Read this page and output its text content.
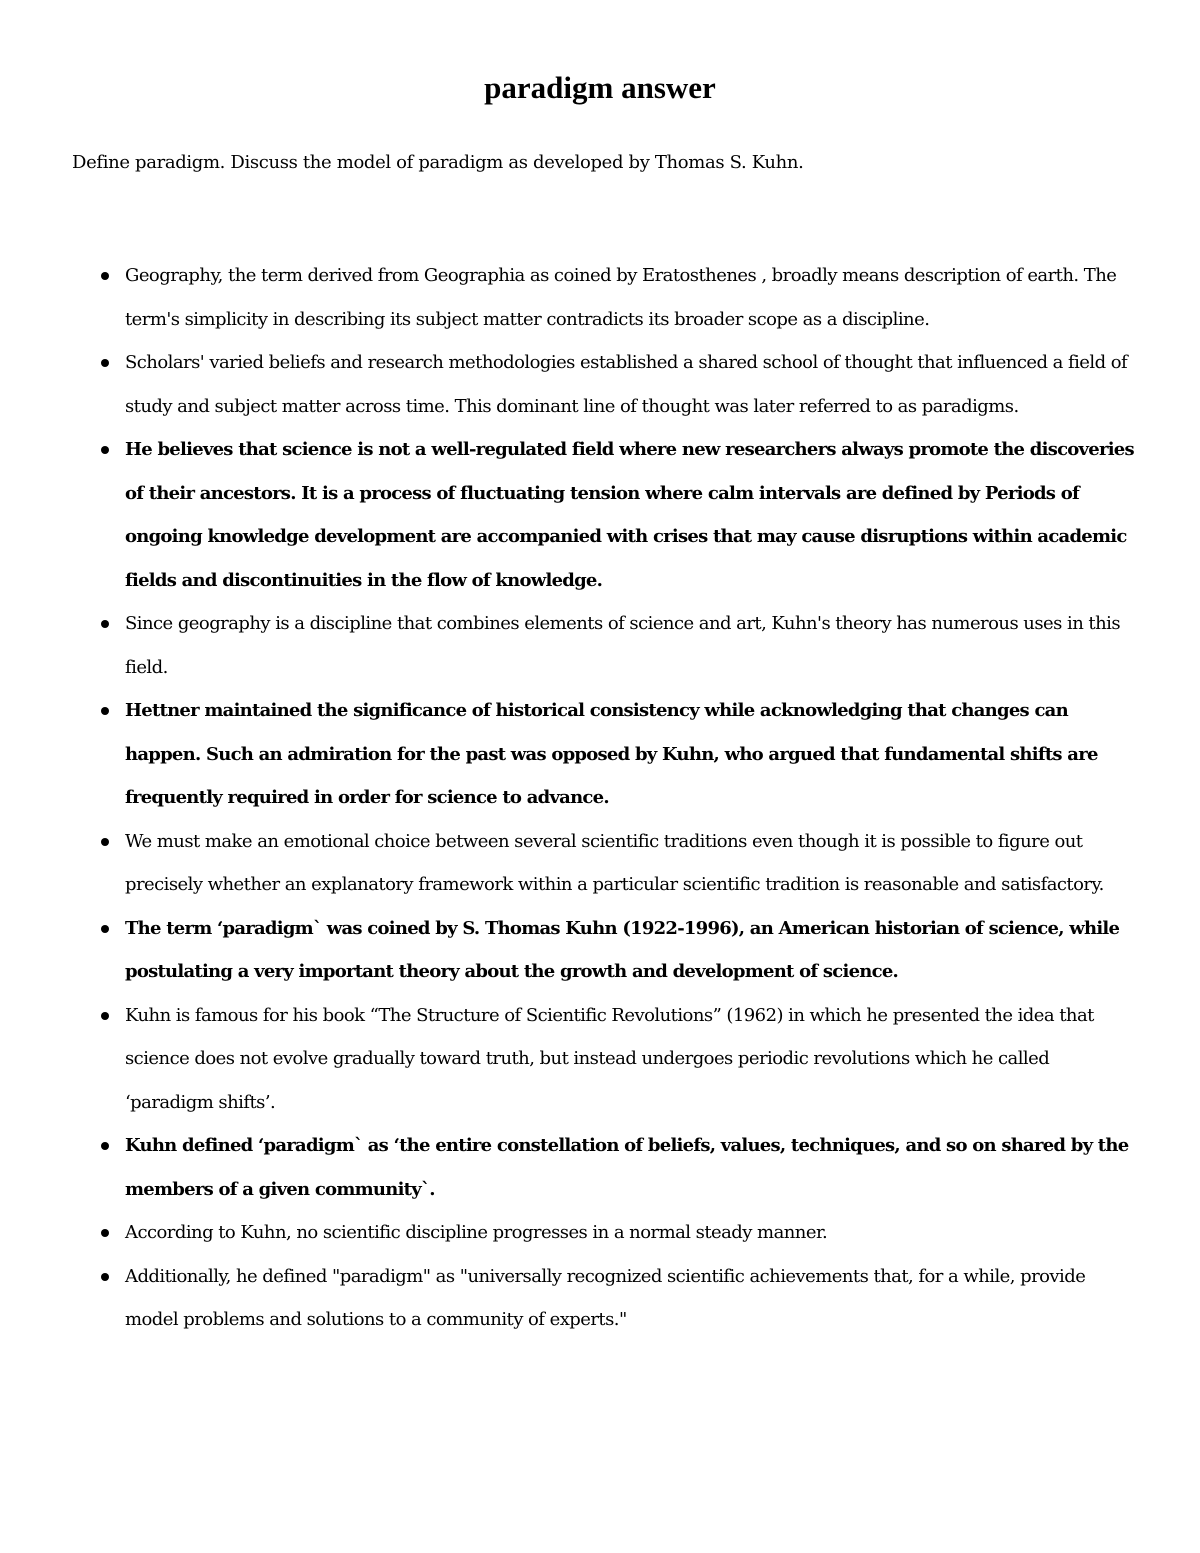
paradigm answer

Define paradigm. Discuss the model of paradigm as developed by Thomas S. Kuhn.

Geography, the term derived from Geographia as coined by Eratosthenes , broadly means description of earth. The term's simplicity in describing its subject matter contradicts its broader scope as a discipline.
Scholars' varied beliefs and research methodologies established a shared school of thought that influenced a field of study and subject matter across time. This dominant line of thought was later referred to as paradigms.
He believes that science is not a well-regulated field where new researchers always promote the discoveries of their ancestors. It is a process of fluctuating tension where calm intervals are defined by Periods of ongoing knowledge development are accompanied with crises that may cause disruptions within academic fields and discontinuities in the flow of knowledge.
Since geography is a discipline that combines elements of science and art, Kuhn's theory has numerous uses in this field.
Hettner maintained the significance of historical consistency while acknowledging that changes can happen. Such an admiration for the past was opposed by Kuhn, who argued that fundamental shifts are frequently required in order for science to advance.
We must make an emotional choice between several scientific traditions even though it is possible to figure out precisely whether an explanatory framework within a particular scientific tradition is reasonable and satisfactory.
The term ‘paradigm` was coined by S. Thomas Kuhn (1922-1996), an American historian of science, while postulating a very important theory about the growth and development of science.
Kuhn is famous for his book “The Structure of Scientific Revolutions” (1962) in which he presented the idea that science does not evolve gradually toward truth, but instead undergoes periodic revolutions which he called ‘paradigm shifts’.
Kuhn defined ‘paradigm` as ‘the entire constellation of beliefs, values, techniques, and so on shared by the members of a given community`.
According to Kuhn, no scientific discipline progresses in a normal steady manner.
Additionally, he defined "paradigm" as "universally recognized scientific achievements that, for a while, provide model problems and solutions to a community of experts."
